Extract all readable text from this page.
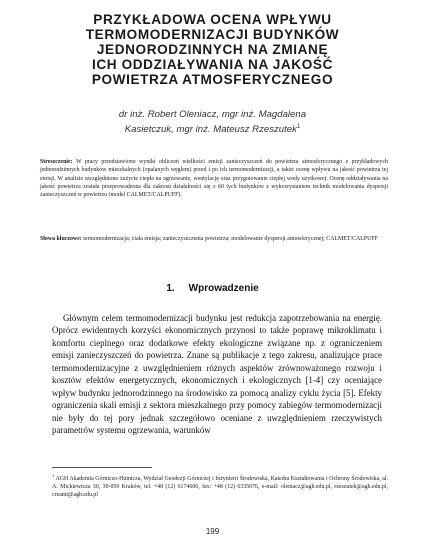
PRZYKŁADOWA OCENA WPŁYWU
TERMOMODERNIZACJI BUDYNKÓW
JEDNORODZINNYCH NA ZMIANĘ
ICH ODDZIAŁYWANIA NA JAKOŚĆ
POWIETRZA ATMOSFERYCZNEGO
dr inż. Robert Oleniacz, mgr inż. Magdalena
Kasietczuk, mgr inż. Mateusz Rzeszutek$^1$
Streszczenie: W pracy przedstawiono wyniki obliczeń wielkości emisji zanieczyszczeń do powietrza atmosferycznego z przykładowych jednorodzinnych budynków mieszkalnych (opalanych węglem) przed i po ich termomodernizacji, a także ocenę wpływu na jakość powietrza tej emisji. W analizie uwzględniono zużycie ciepła na ogrzewanie, wentylację oraz przygotowanie ciepłej wody użytkowej. Ocenę oddziaływania na jakość powietrza została przeprowadzona dla zakresu działalności się z 60 tych budynków z wykorzystaniem technik modelowania dyspersji zanieczyszczeń w powietrzu (model CALMET/CALPUFF).
Słowa kluczowe: termomodernizacja; ciała emisja; zanieczyszczenia powietrza; modelowanie dyspersji atmosferycznej; CALMET/CALPUFF
1. Wprowadzenie

Głównym celem termomodernizacji budynku jest redukcja zapotrzebowania na energię. Oprócz ewidentnych korzyści ekonomicznych przynosi to także poprawę mikroklimatu i komfortu cieplnego oraz dodatkowe efekty ekologiczne związane np. z ograniczeniem emisji zanieczyszczeń do powietrza. Znane są publikacje z tego zakresu, analizujące prace termomodernizacyjne z uwzględnieniem różnych aspektów zrównoważonego rozwoju i kosztów efektów energetycznych, ekonomicznych i ekologicznych [1-4] czy oceniające wpływ budynku jednorodzinnego na środowisko za pomocą analizy cyklu życia [5]. Efekty ograniczenia skali emisji z sektora mieszkalnego przy pomocy zabiegów termomodernizacji nie były do tej pory jednak szczegółowo oceniane z uwzględnieniem rzeczywistych parametrów systemu ogrzewania, warunków

$^1$ AGH Akademia Górniczo-Hutnicza, Wydział Geodezji Górniczej i Inżynierii Środowiska, Katedra Kształtowania i Ochrony Środowiska, al. A. Mickiewicza 30, 30-059 Kraków, tel. +48 (12) 6174606, fax: +48 (12) 6335076, e-mail: oleniacz@agh.edu.pl, rzeszutek@agh.edu.pl, creamt@agh.edu.pl
199
